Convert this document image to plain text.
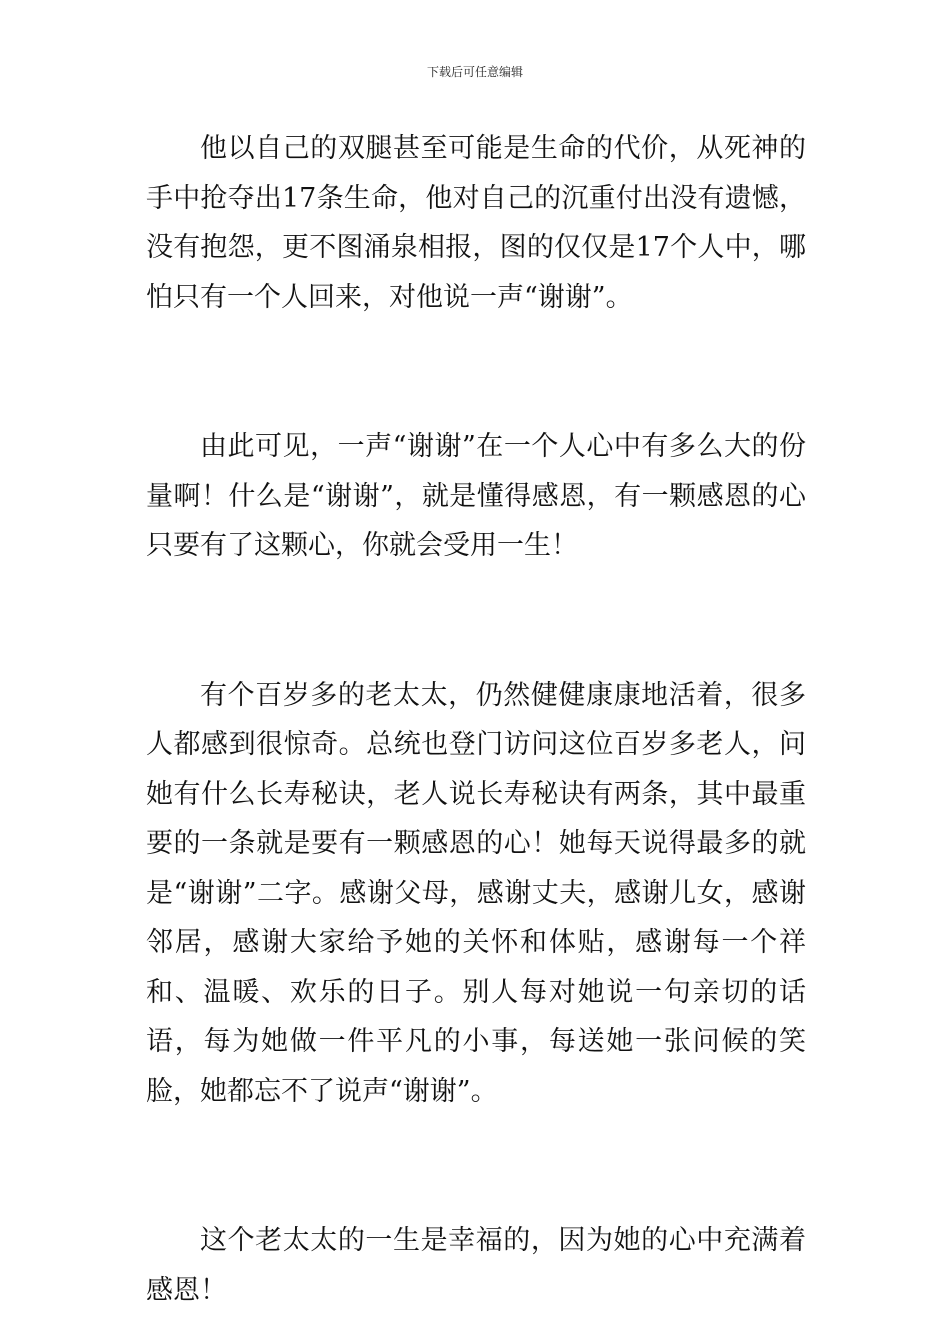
下载后可任意编辑

他以自己的双腿甚至可能是生命的代价，从死神的手中抢夺出17条生命，他对自己的沉重付出没有遗憾，没有抱怨，更不图涌泉相报，图的仅仅是17个人中，哪怕只有一个人回来，对他说一声“谢谢”。

由此可见，一声“谢谢”在一个人心中有多么大的份量啊！什么是“谢谢”，就是懂得感恩，有一颗感恩的心只要有了这颗心，你就会受用一生！

有个百岁多的老太太，仍然健健康康地活着，很多人都感到很惊奇。总统也登门访问这位百岁多老人，问她有什么长寿秘诀，老人说长寿秘诀有两条，其中最重要的一条就是要有一颗感恩的心！她每天说得最多的就是“谢谢”二字。感谢父母，感谢丈夫，感谢儿女，感谢邻居，感谢大家给予她的关怀和体贴，感谢每一个祥和、温暖、欢乐的日子。别人每对她说一句亲切的话语，每为她做一件平凡的小事，每送她一张问候的笑脸，她都忘不了说声“谢谢”。

这个老太太的一生是幸福的，因为她的心中充满着感恩！
